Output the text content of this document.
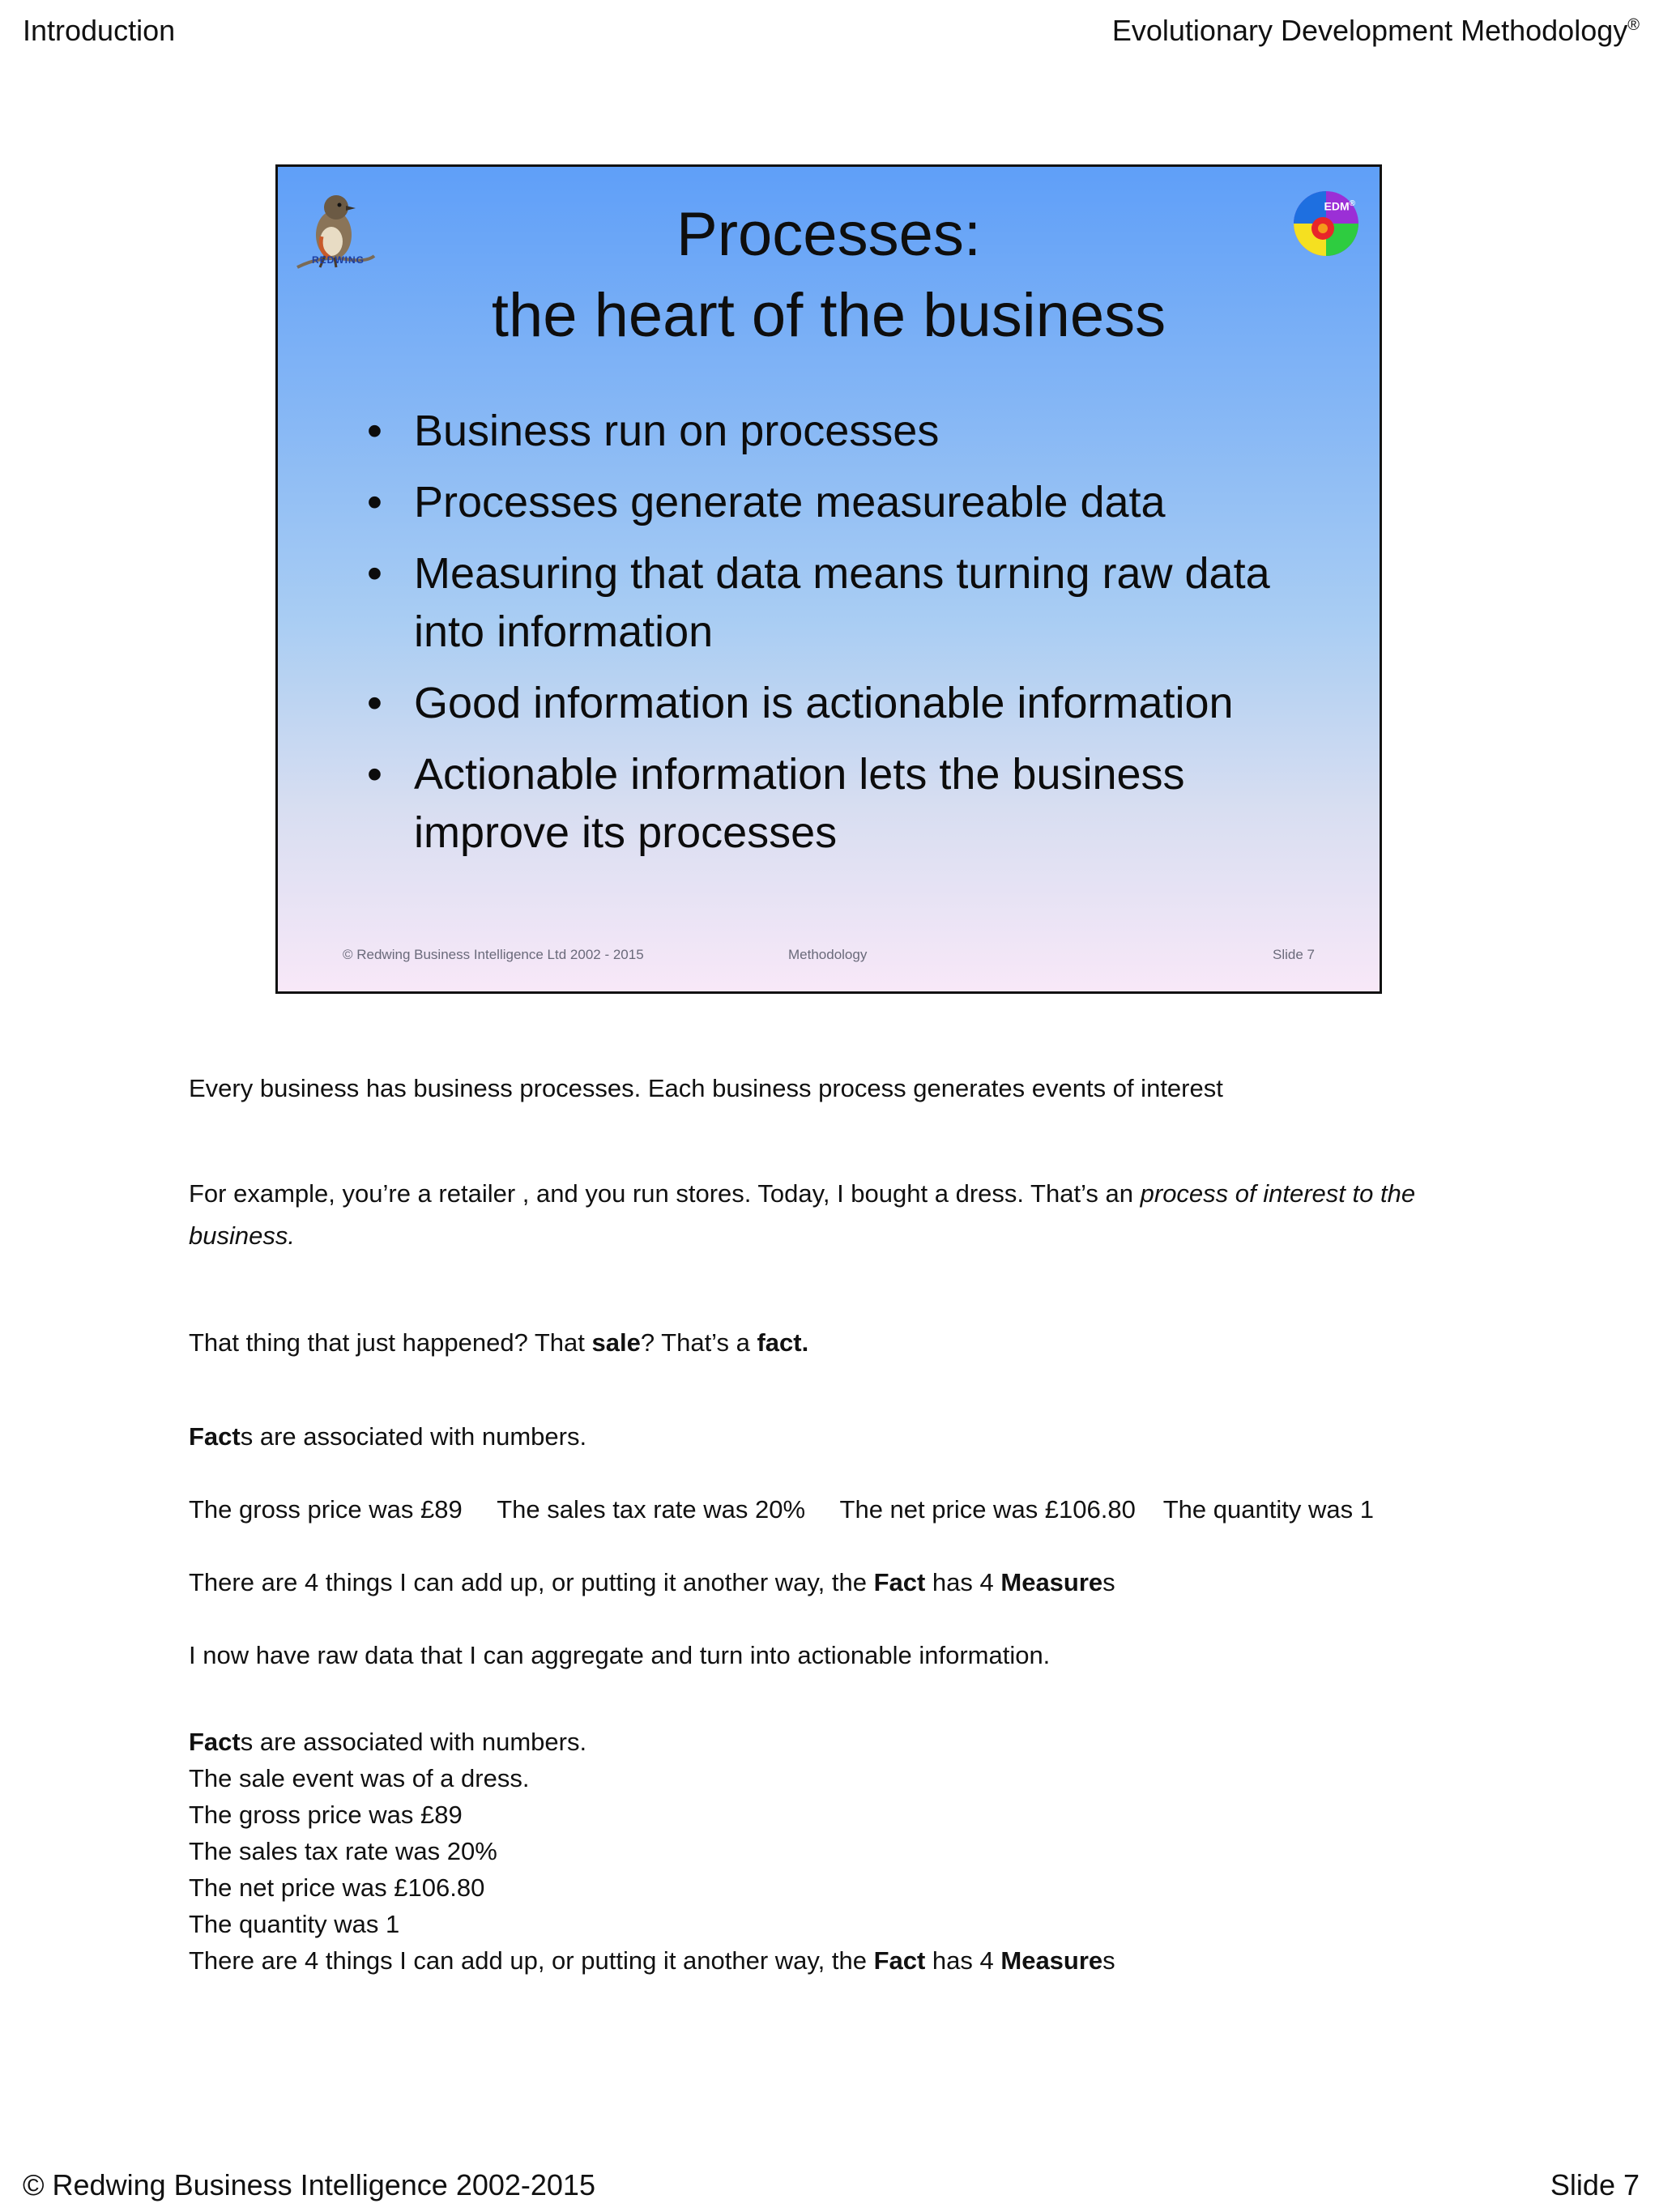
Introduction	Evolutionary Development Methodology®
REDWING
EDM®
Processes:
the heart of the business
• Business run on processes
• Processes generate measureable data
• Measuring that data means turning raw data into information
• Good information is actionable information
• Actionable information lets the business improve its processes
© Redwing Business Intelligence Ltd 2002 - 2015	Methodology	Slide 7

Every business has business processes. Each business process generates events of interest

For example, you’re a retailer , and you run stores. Today, I bought a dress. That’s an process of interest to the business.

That thing that just happened? That sale? That’s a fact.

Facts are associated with numbers.

The gross price was £89     The sales tax rate was 20%     The net price was £106.80    The quantity was 1

There are 4 things I can add up, or putting it another way, the Fact has 4 Measures

I now have raw data that I can aggregate and turn into actionable information.

Facts are associated with numbers.
The sale event was of a dress.
The gross price was £89
The sales tax rate was 20%
The net price was £106.80
The quantity was 1
There are 4 things I can add up, or putting it another way, the Fact has 4 Measures
© Redwing Business Intelligence 2002-2015	Slide 7
